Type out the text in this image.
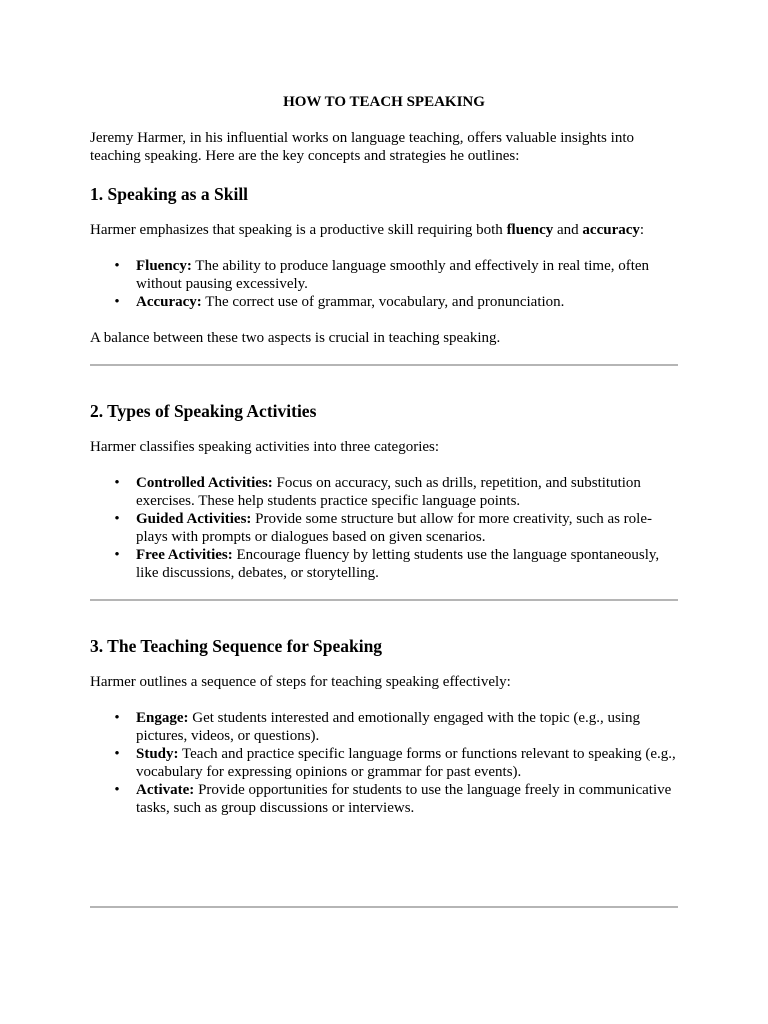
HOW TO TEACH SPEAKING

Jeremy Harmer, in his influential works on language teaching, offers valuable insights into teaching speaking. Here are the key concepts and strategies he outlines:

1. Speaking as a Skill

Harmer emphasizes that speaking is a productive skill requiring both fluency and accuracy:

• Fluency: The ability to produce language smoothly and effectively in real time, often without pausing excessively.
• Accuracy: The correct use of grammar, vocabulary, and pronunciation.

A balance between these two aspects is crucial in teaching speaking.

2. Types of Speaking Activities

Harmer classifies speaking activities into three categories:

• Controlled Activities: Focus on accuracy, such as drills, repetition, and substitution exercises. These help students practice specific language points.
• Guided Activities: Provide some structure but allow for more creativity, such as role-plays with prompts or dialogues based on given scenarios.
• Free Activities: Encourage fluency by letting students use the language spontaneously, like discussions, debates, or storytelling.
3. The Teaching Sequence for Speaking

Harmer outlines a sequence of steps for teaching speaking effectively:

• Engage: Get students interested and emotionally engaged with the topic (e.g., using pictures, videos, or questions).
• Study: Teach and practice specific language forms or functions relevant to speaking (e.g., vocabulary for expressing opinions or grammar for past events).
• Activate: Provide opportunities for students to use the language freely in communicative tasks, such as group discussions or interviews.
